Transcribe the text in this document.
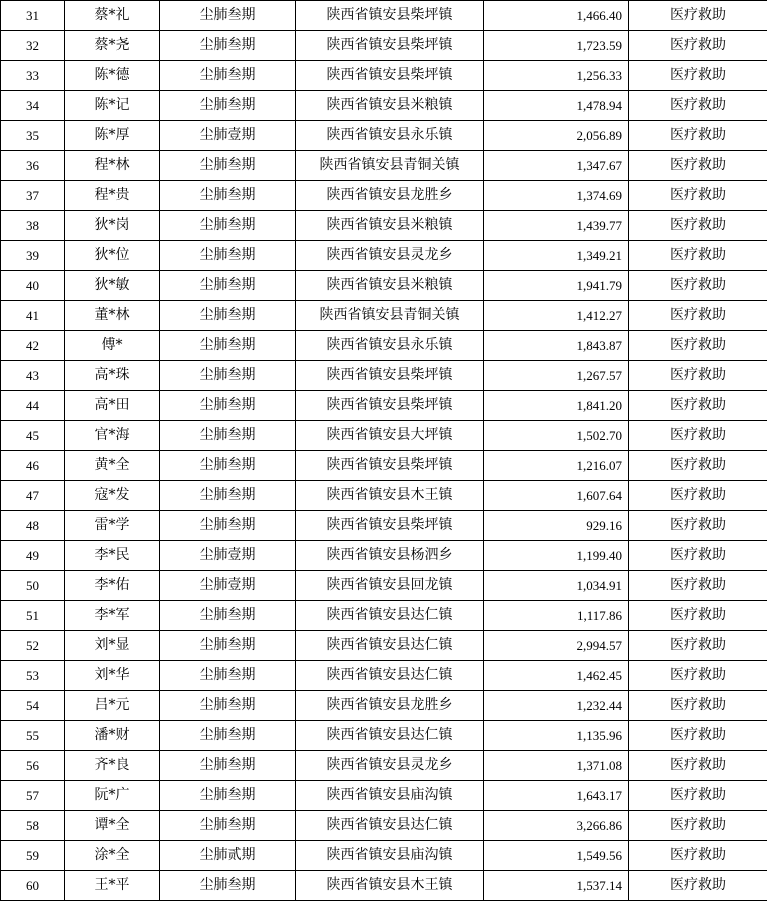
31	蔡*礼	尘肺叁期	陕西省镇安县柴坪镇	1,466.40	医疗救助
32	蔡*尧	尘肺叁期	陕西省镇安县柴坪镇	1,723.59	医疗救助
33	陈*德	尘肺叁期	陕西省镇安县柴坪镇	1,256.33	医疗救助
34	陈*记	尘肺叁期	陕西省镇安县米粮镇	1,478.94	医疗救助
35	陈*厚	尘肺壹期	陕西省镇安县永乐镇	2,056.89	医疗救助
36	程*林	尘肺叁期	陕西省镇安县青铜关镇	1,347.67	医疗救助
37	程*贵	尘肺叁期	陕西省镇安县龙胜乡	1,374.69	医疗救助
38	狄*岗	尘肺叁期	陕西省镇安县米粮镇	1,439.77	医疗救助
39	狄*位	尘肺叁期	陕西省镇安县灵龙乡	1,349.21	医疗救助
40	狄*敏	尘肺叁期	陕西省镇安县米粮镇	1,941.79	医疗救助
41	董*林	尘肺叁期	陕西省镇安县青铜关镇	1,412.27	医疗救助
42	傅*	尘肺叁期	陕西省镇安县永乐镇	1,843.87	医疗救助
43	高*珠	尘肺叁期	陕西省镇安县柴坪镇	1,267.57	医疗救助
44	高*田	尘肺叁期	陕西省镇安县柴坪镇	1,841.20	医疗救助
45	官*海	尘肺叁期	陕西省镇安县大坪镇	1,502.70	医疗救助
46	黄*全	尘肺叁期	陕西省镇安县柴坪镇	1,216.07	医疗救助
47	寇*发	尘肺叁期	陕西省镇安县木王镇	1,607.64	医疗救助
48	雷*学	尘肺叁期	陕西省镇安县柴坪镇	929.16	医疗救助
49	李*民	尘肺壹期	陕西省镇安县杨泗乡	1,199.40	医疗救助
50	李*佑	尘肺壹期	陕西省镇安县回龙镇	1,034.91	医疗救助
51	李*军	尘肺叁期	陕西省镇安县达仁镇	1,117.86	医疗救助
52	刘*显	尘肺叁期	陕西省镇安县达仁镇	2,994.57	医疗救助
53	刘*华	尘肺叁期	陕西省镇安县达仁镇	1,462.45	医疗救助
54	吕*元	尘肺叁期	陕西省镇安县龙胜乡	1,232.44	医疗救助
55	潘*财	尘肺叁期	陕西省镇安县达仁镇	1,135.96	医疗救助
56	齐*良	尘肺叁期	陕西省镇安县灵龙乡	1,371.08	医疗救助
57	阮*广	尘肺叁期	陕西省镇安县庙沟镇	1,643.17	医疗救助
58	谭*全	尘肺叁期	陕西省镇安县达仁镇	3,266.86	医疗救助
59	涂*全	尘肺贰期	陕西省镇安县庙沟镇	1,549.56	医疗救助
60	王*平	尘肺叁期	陕西省镇安县木王镇	1,537.14	医疗救助
